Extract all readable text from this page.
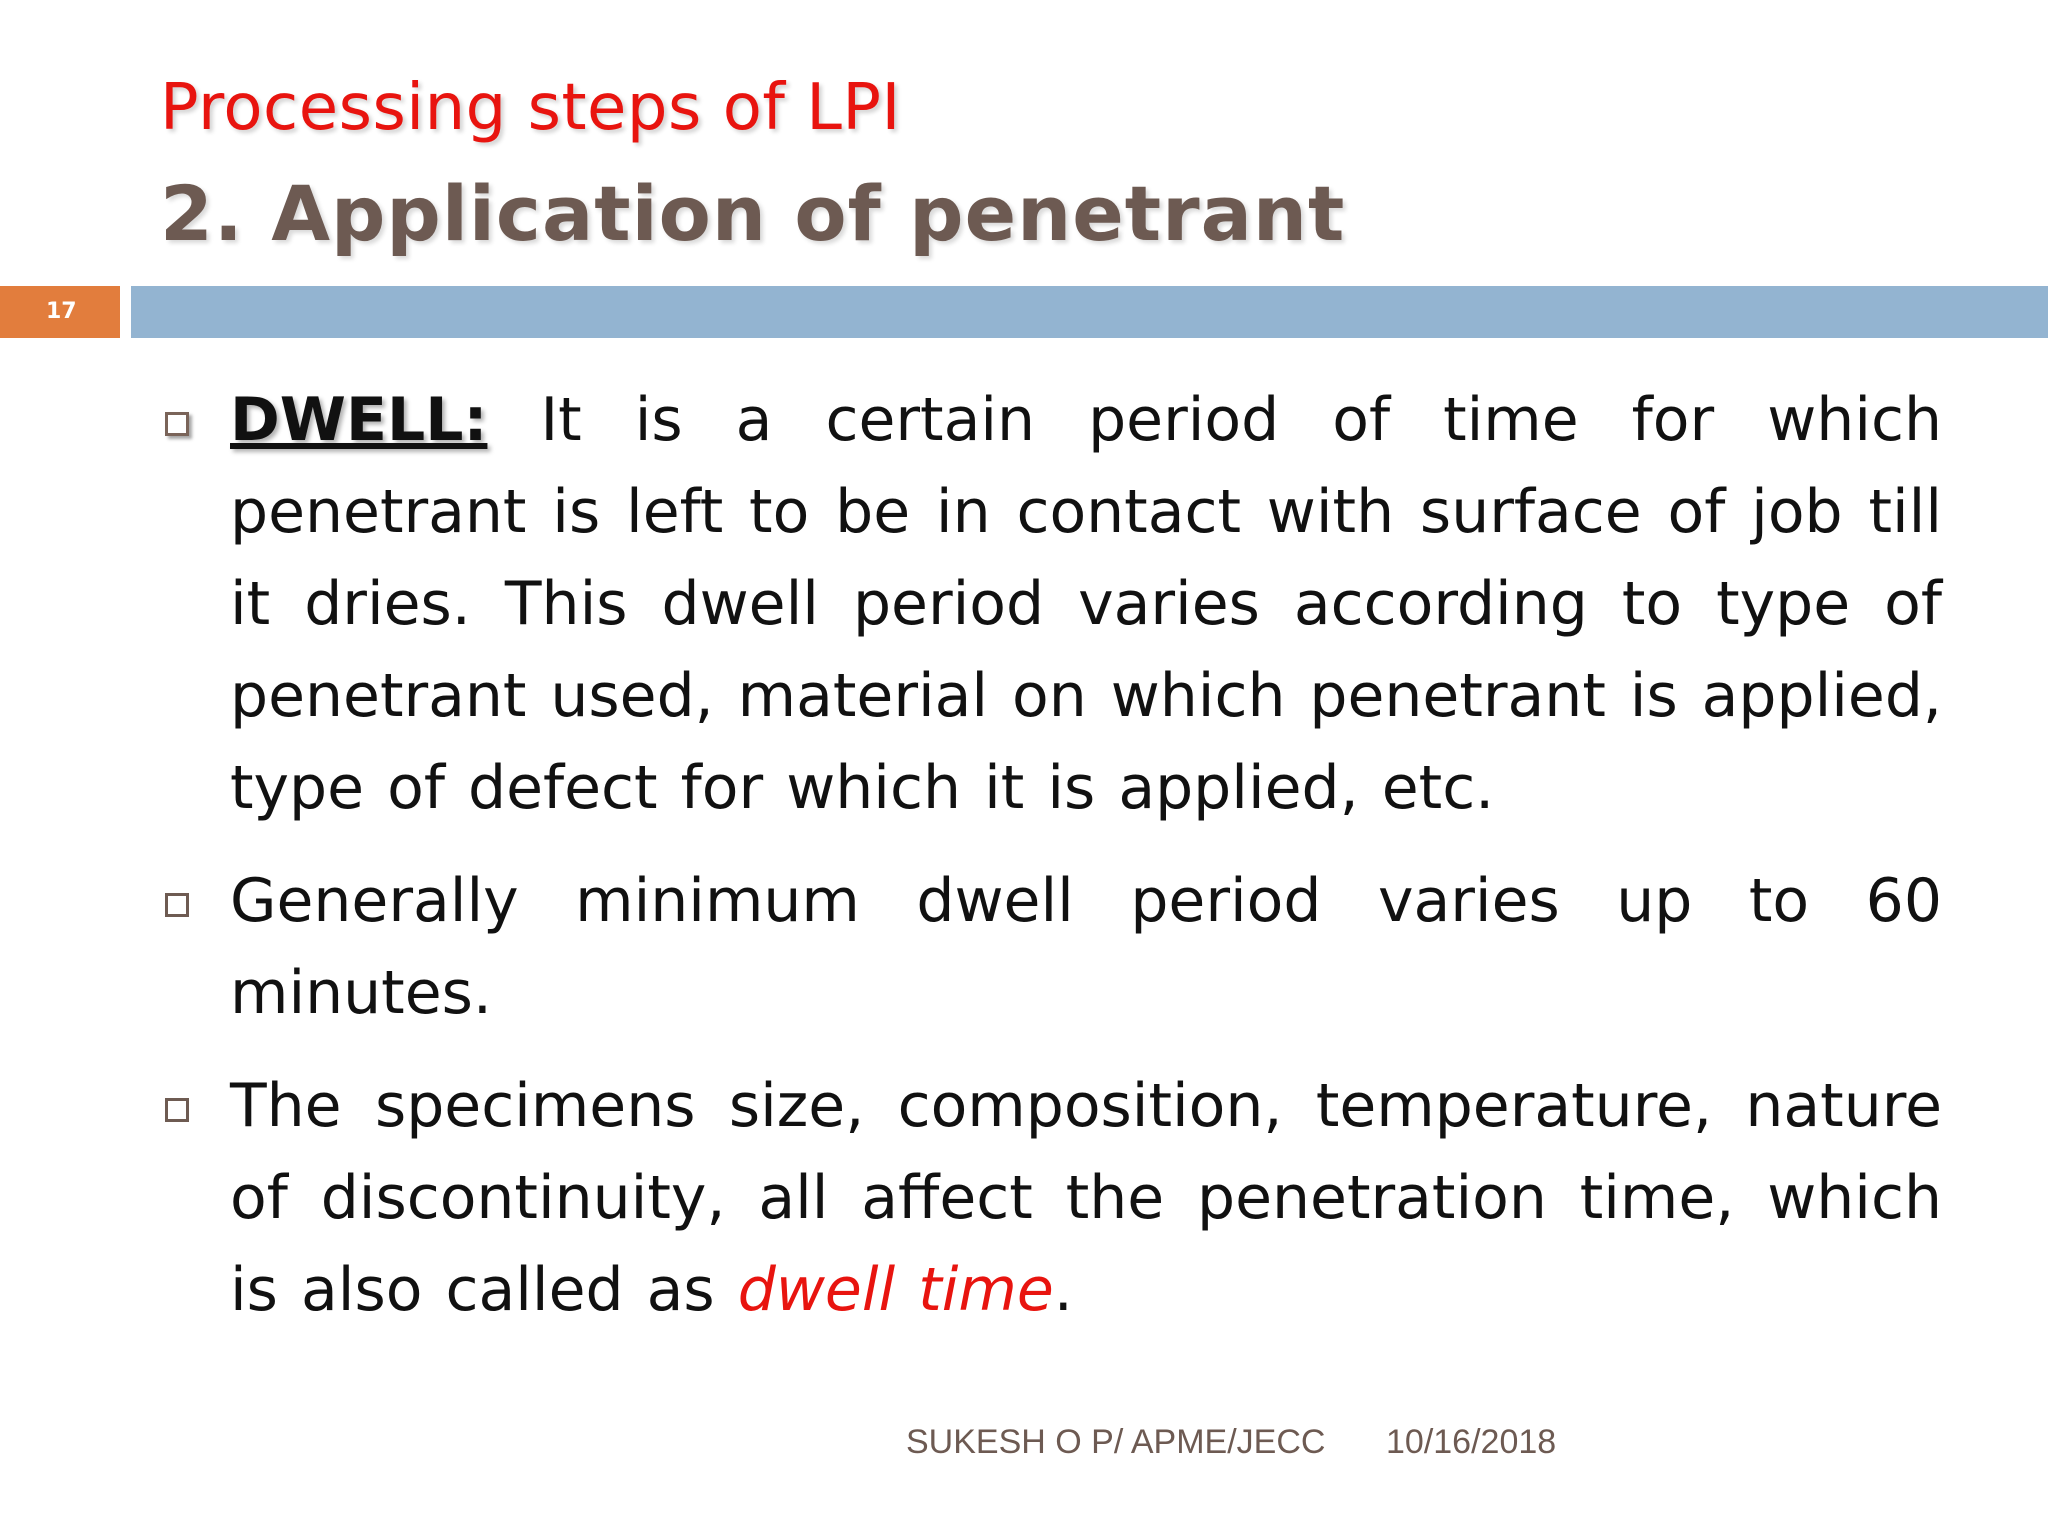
Processing steps of LPI
2. Application of penetrant
17
DWELL: It is a certain period of time for which penetrant is left to be in contact with surface of job till it dries. This dwell period varies according to type of penetrant used, material on which penetrant is applied, type of defect for which it is applied, etc.
Generally minimum dwell period varies up to 60 minutes.
The specimens size, composition, temperature, nature of discontinuity, all affect the penetration time, which is also called as dwell time.
SUKESH O P/ APME/JECC 10/16/2018
